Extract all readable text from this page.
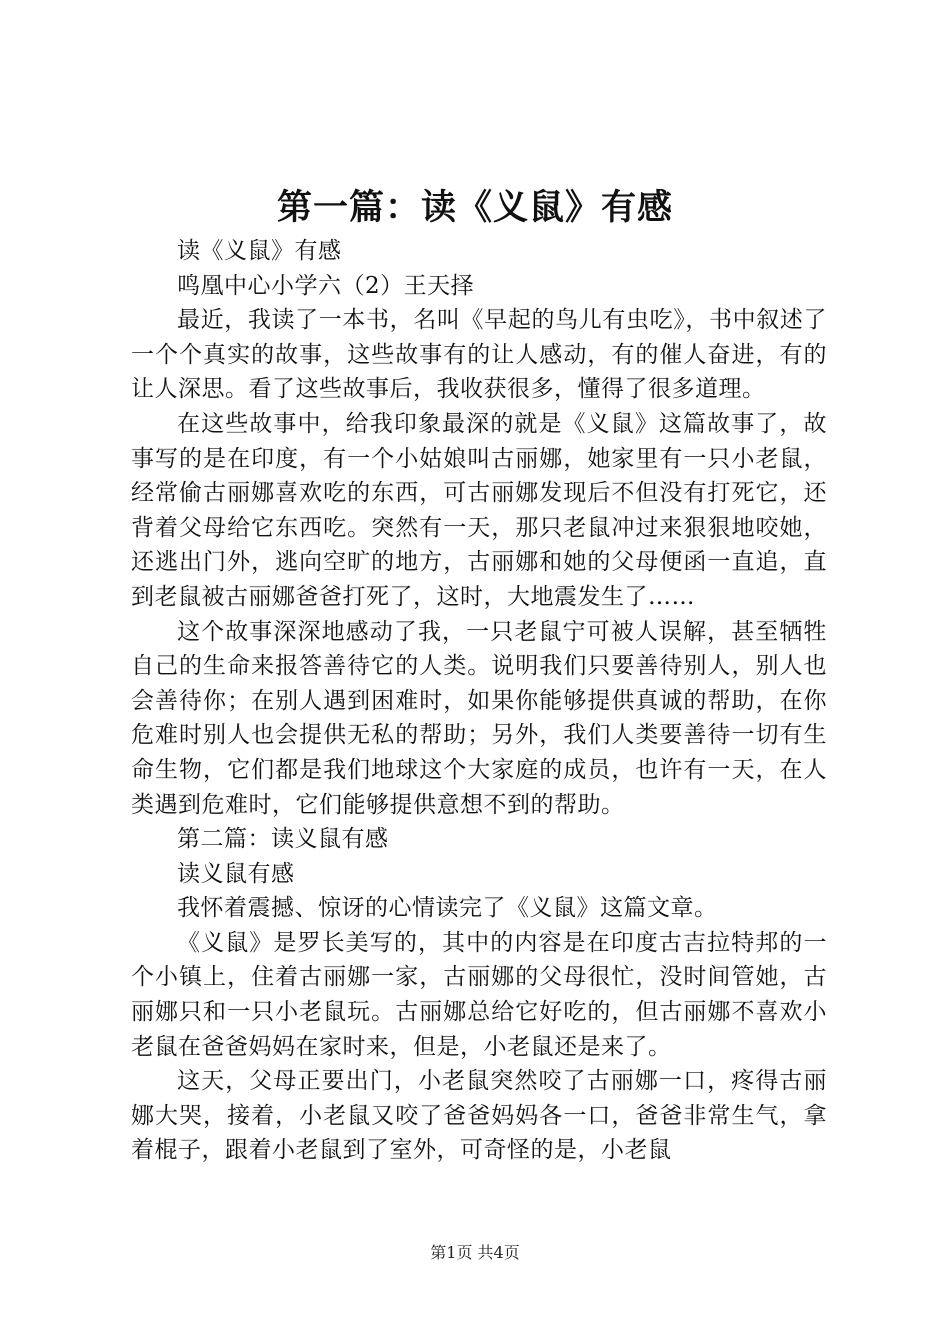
第一篇：读《义鼠》有感

读《义鼠》有感

鸣凰中心小学六（2）王天择

最近，我读了一本书，名叫《早起的鸟儿有虫吃》，书中叙述了一个个真实的故事，这些故事有的让人感动，有的催人奋进，有的让人深思。看了这些故事后，我收获很多，懂得了很多道理。

在这些故事中，给我印象最深的就是《义鼠》这篇故事了，故事写的是在印度，有一个小姑娘叫古丽娜，她家里有一只小老鼠，经常偷古丽娜喜欢吃的东西，可古丽娜发现后不但没有打死它，还背着父母给它东西吃。突然有一天，那只老鼠冲过来狠狠地咬她，还逃出门外，逃向空旷的地方，古丽娜和她的父母便函一直追，直到老鼠被古丽娜爸爸打死了，这时，大地震发生了……

这个故事深深地感动了我，一只老鼠宁可被人误解，甚至牺牲自己的生命来报答善待它的人类。说明我们只要善待别人，别人也会善待你；在别人遇到困难时，如果你能够提供真诚的帮助，在你危难时别人也会提供无私的帮助；另外，我们人类要善待一切有生命生物，它们都是我们地球这个大家庭的成员，也许有一天，在人类遇到危难时，它们能够提供意想不到的帮助。

第二篇：读义鼠有感

读义鼠有感

我怀着震撼、惊讶的心情读完了《义鼠》这篇文章。

《义鼠》是罗长美写的，其中的内容是在印度古吉拉特邦的一个小镇上，住着古丽娜一家，古丽娜的父母很忙，没时间管她，古丽娜只和一只小老鼠玩。古丽娜总给它好吃的，但古丽娜不喜欢小老鼠在爸爸妈妈在家时来，但是，小老鼠还是来了。

这天，父母正要出门，小老鼠突然咬了古丽娜一口，疼得古丽娜大哭，接着，小老鼠又咬了爸爸妈妈各一口，爸爸非常生气，拿着棍子，跟着小老鼠到了室外，可奇怪的是，小老鼠

第1页 共4页
